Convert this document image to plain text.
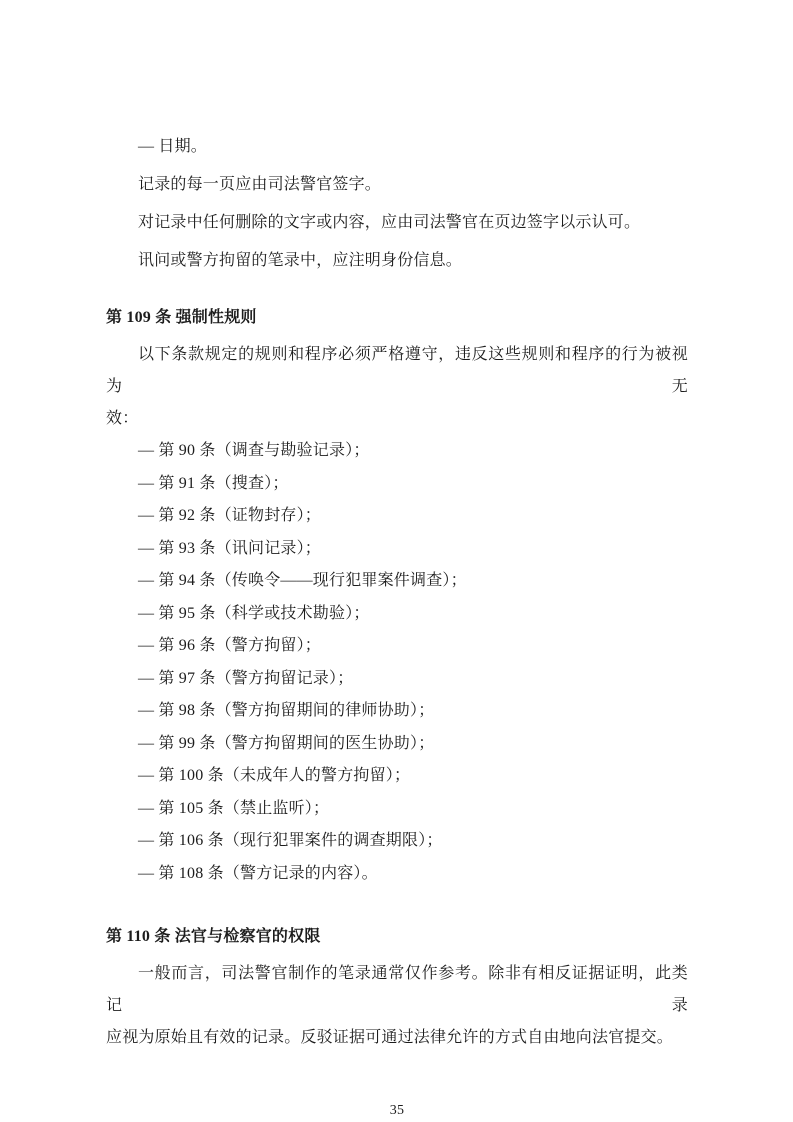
— 日期。

记录的每一页应由司法警官签字。

对记录中任何删除的文字或内容，应由司法警官在页边签字以示认可。

讯问或警方拘留的笔录中，应注明身份信息。

第 109 条 强制性规则
以下条款规定的规则和程序必须严格遵守，违反这些规则和程序的行为被视为无
效：
— 第 90 条（调查与勘验记录）；
— 第 91 条（搜查）；
— 第 92 条（证物封存）；
— 第 93 条（讯问记录）；
— 第 94 条（传唤令——现行犯罪案件调查）；
— 第 95 条（科学或技术勘验）；
— 第 96 条（警方拘留）；
— 第 97 条（警方拘留记录）；
— 第 98 条（警方拘留期间的律师协助）；
— 第 99 条（警方拘留期间的医生协助）；
— 第 100 条（未成年人的警方拘留）；
— 第 105 条（禁止监听）；
— 第 106 条（现行犯罪案件的调查期限）；
— 第 108 条（警方记录的内容）。
第 110 条 法官与检察官的权限
一般而言，司法警官制作的笔录通常仅作参考。除非有相反证据证明，此类记录
应视为原始且有效的记录。反驳证据可通过法律允许的方式自由地向法官提交。
35
